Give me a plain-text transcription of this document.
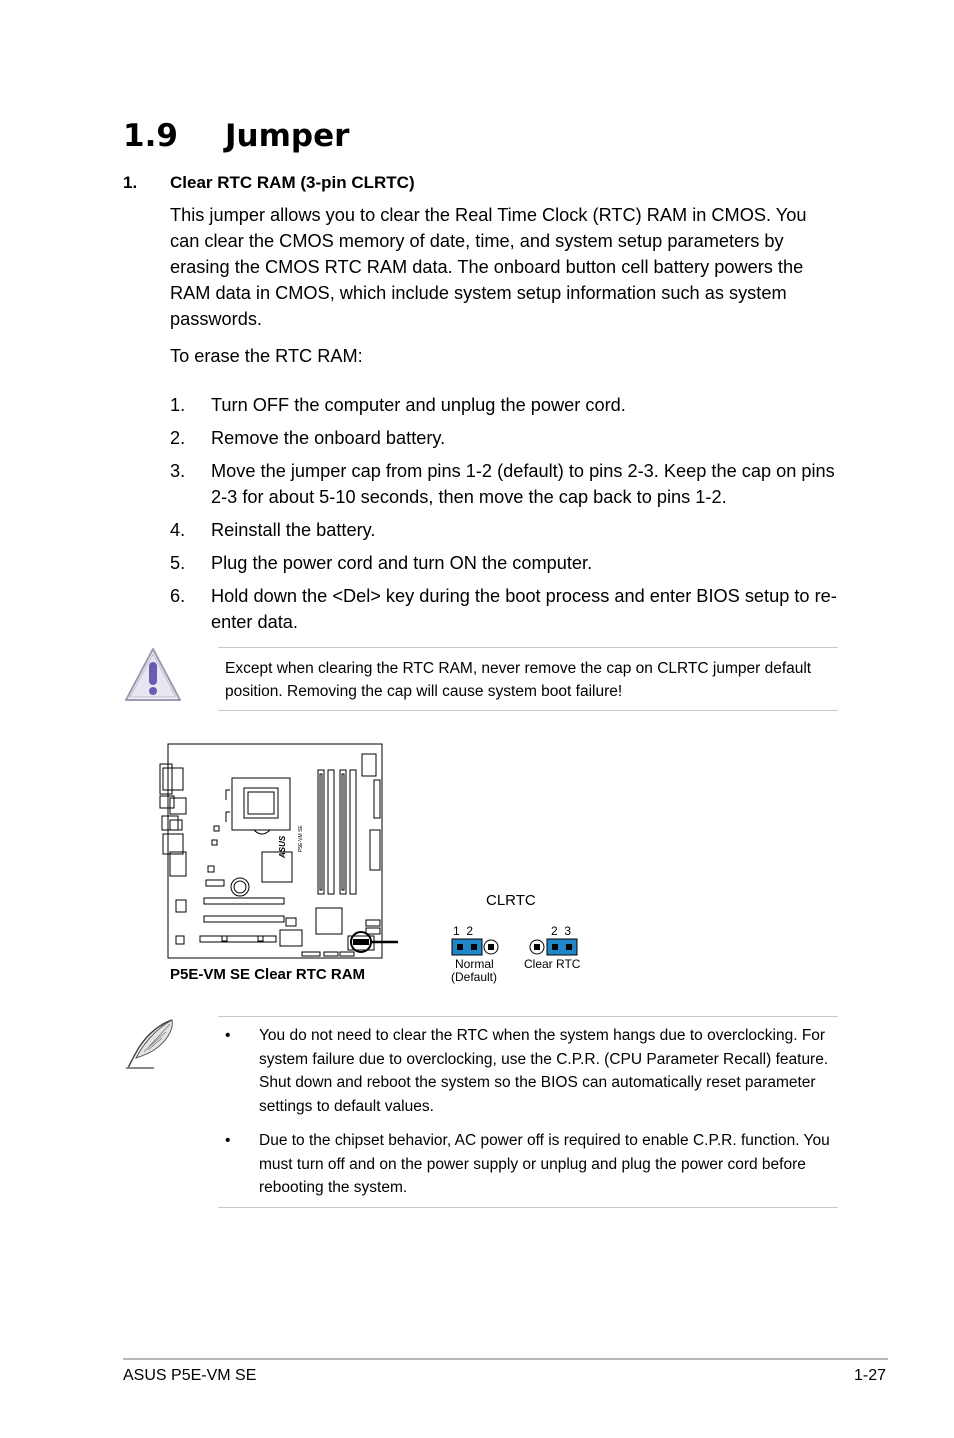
1.9 Jumper
1. Clear RTC RAM (3-pin CLRTC)
This jumper allows you to clear the Real Time Clock (RTC) RAM in CMOS. You can clear the CMOS memory of date, time, and system setup parameters by erasing the CMOS RTC RAM data. The onboard button cell battery powers the RAM data in CMOS, which include system setup information such as system passwords.
To erase the RTC RAM:
1. Turn OFF the computer and unplug the power cord.
2. Remove the onboard battery.
3. Move the jumper cap from pins 1-2 (default) to pins 2-3. Keep the cap on pins 2-3 for about 5-10 seconds, then move the cap back to pins 1-2.
4. Reinstall the battery.
5. Plug the power cord and turn ON the computer.
6. Hold down the <Del> key during the boot process and enter BIOS setup to re-enter data.
Except when clearing the RTC RAM, never remove the cap on CLRTC jumper default position. Removing the cap will cause system boot failure!
ASUS P5E-VM SE
P5E-VM SE Clear RTC RAM
CLRTC
1  2
Normal
(Default)
2  3
Clear RTC
• You do not need to clear the RTC when the system hangs due to overclocking. For system failure due to overclocking, use the C.P.R. (CPU Parameter Recall) feature. Shut down and reboot the system so the BIOS can automatically reset parameter settings to default values.
• Due to the chipset behavior, AC power off is required to enable C.P.R. function. You must turn off and on the power supply or unplug and plug the power cord before rebooting the system.
ASUS P5E-VM SE	1-27
